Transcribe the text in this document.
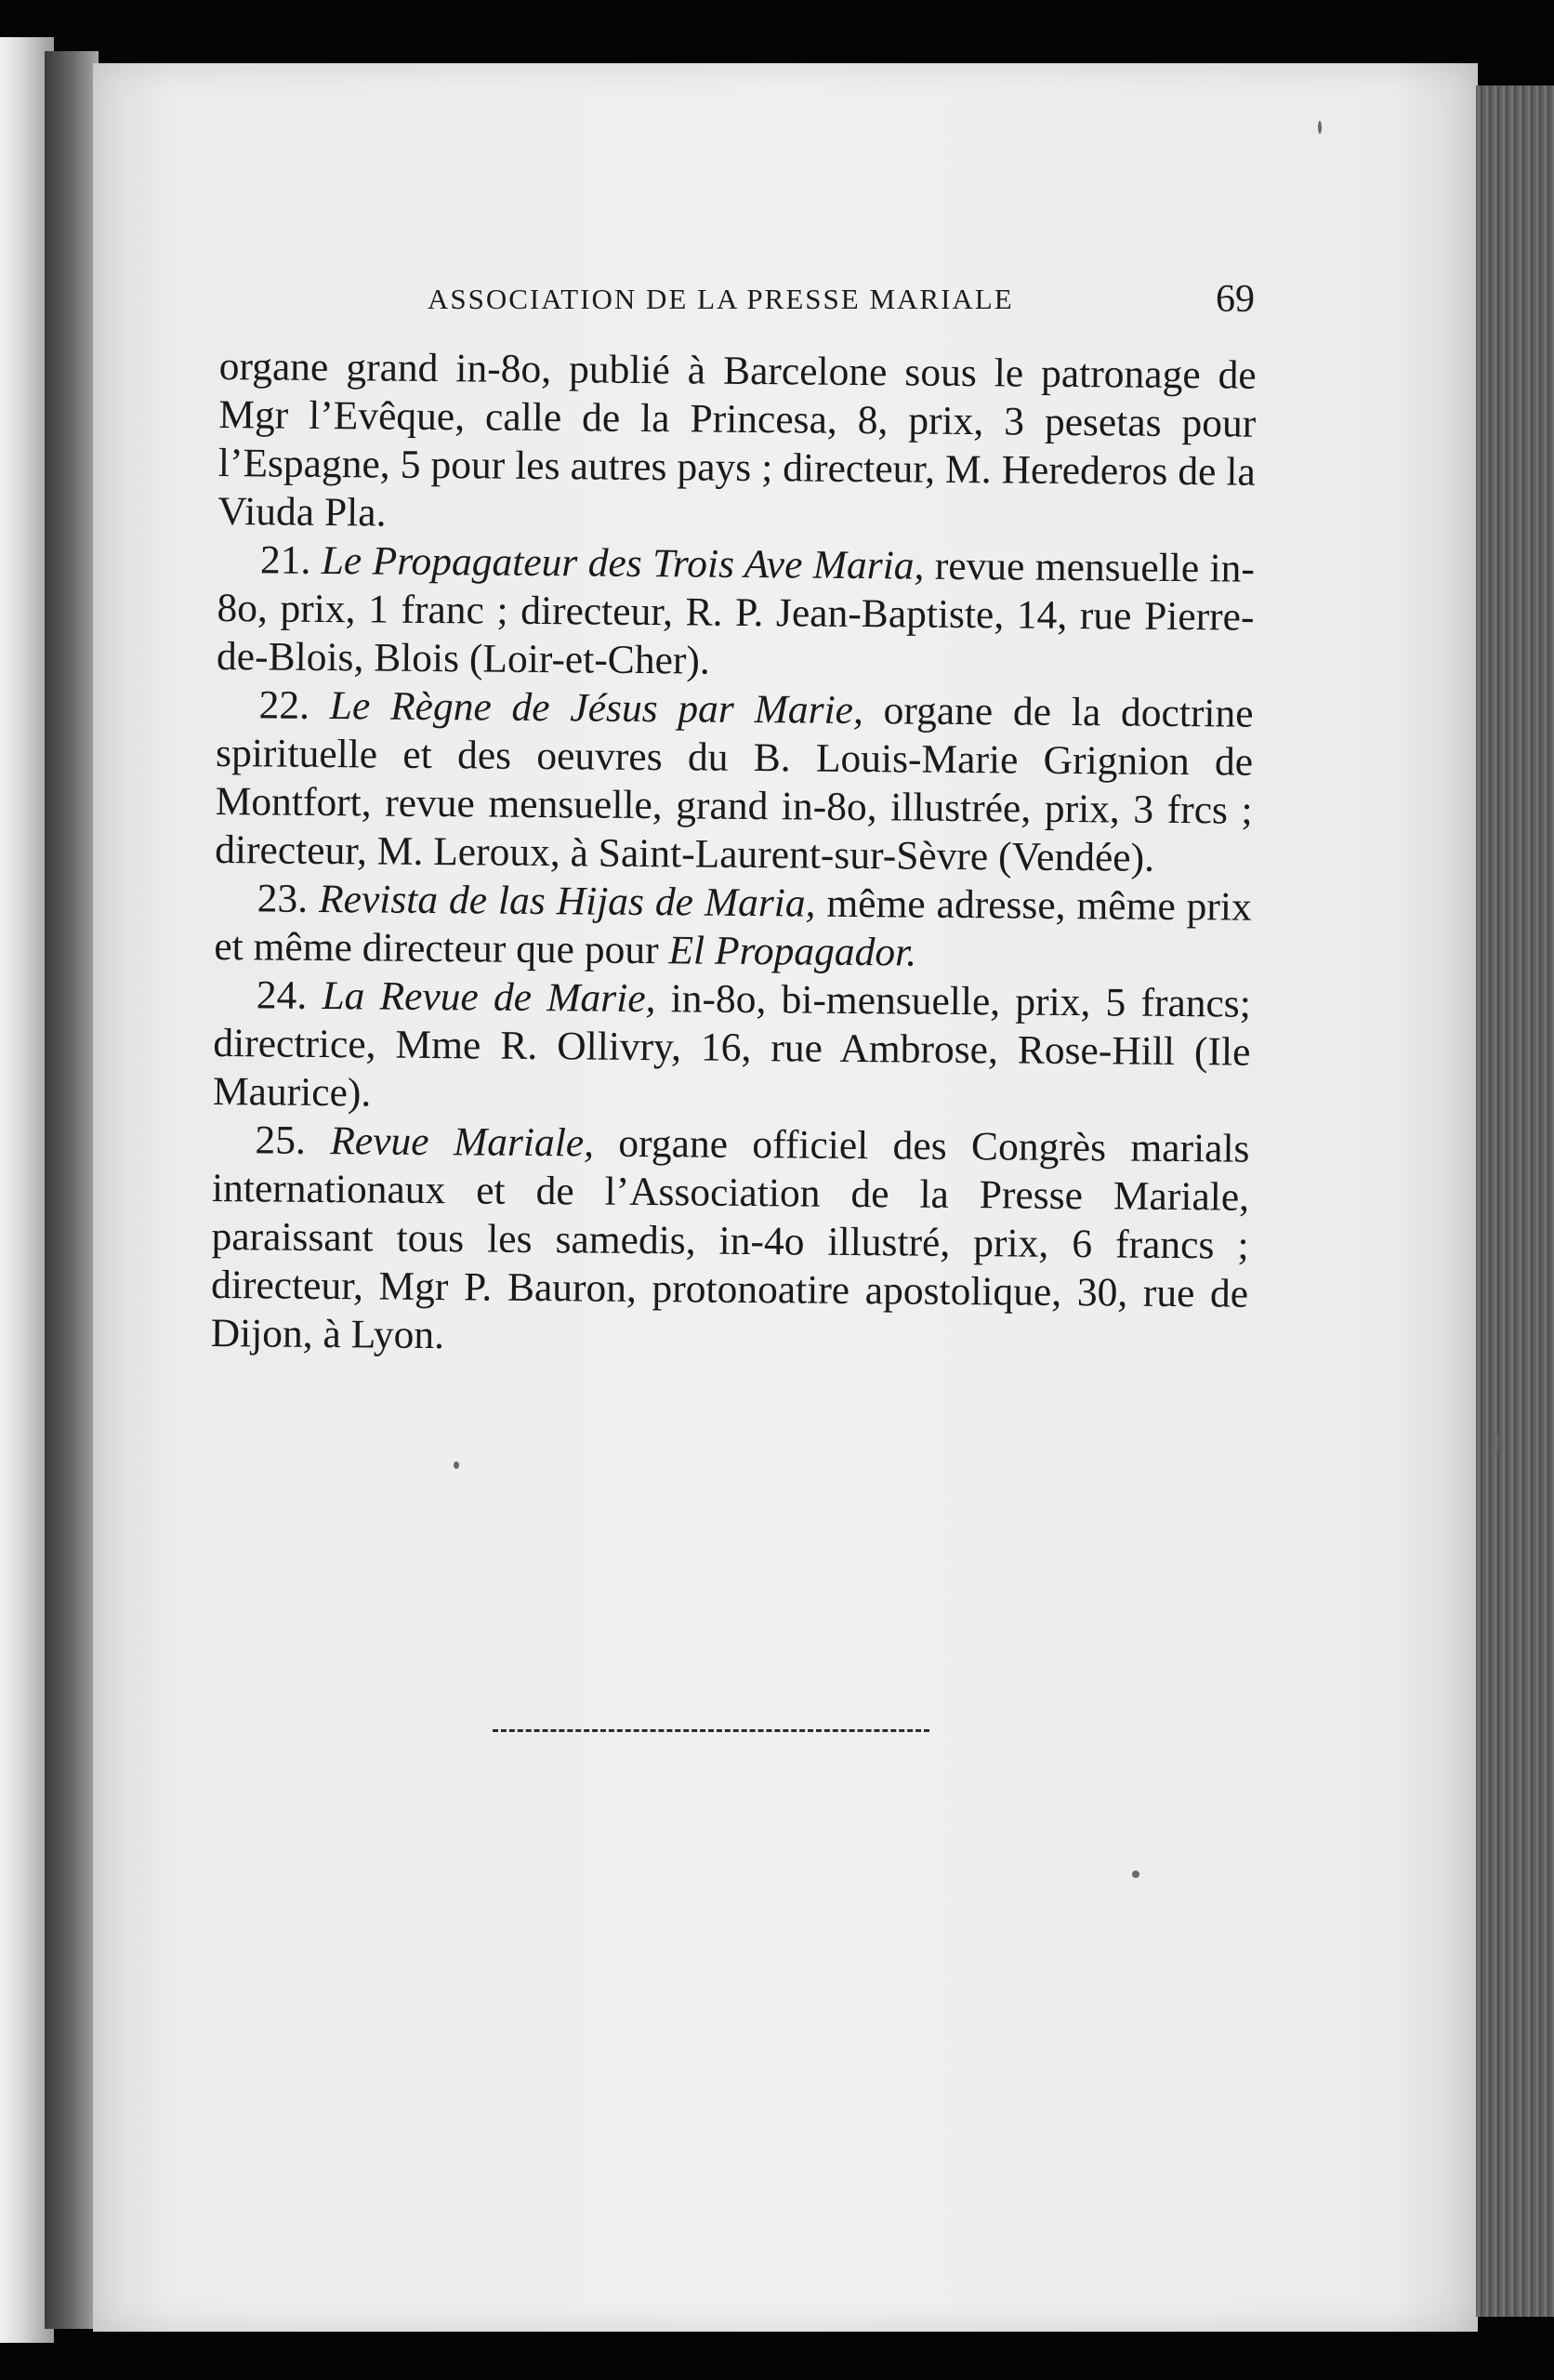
ASSOCIATION DE LA PRESSE MARIALE	69

organe grand in-8o, publié à Barcelone sous le patronage de Mgr l’Evêque, calle de la Princesa, 8, prix, 3 pesetas pour l’Espagne, 5 pour les autres pays ; directeur, M. Herederos de la Viuda Pla.

21. Le Propagateur des Trois Ave Maria, revue mensuelle in-8o, prix, 1 franc ; directeur, R. P. Jean-Baptiste, 14, rue Pierre-de-Blois, Blois (Loir-et-Cher).

22. Le Règne de Jésus par Marie, organe de la doctrine spirituelle et des oeuvres du B. Louis-Marie Grignion de Montfort, revue mensuelle, grand in-8o, illustrée, prix, 3 frcs ; directeur, M. Leroux, à Saint-Laurent-sur-Sèvre (Vendée).

23. Revista de las Hijas de Maria, même adresse, même prix et même directeur que pour El Propagador.

24. La Revue de Marie, in-8o, bi-mensuelle, prix, 5 francs; directrice, Mme R. Ollivry, 16, rue Ambrose, Rose-Hill (Ile Maurice).

25. Revue Mariale, organe officiel des Congrès marials internationaux et de l’Association de la Presse Mariale, paraissant tous les samedis, in-4o illustré, prix, 6 francs ; directeur, Mgr P. Bauron, protonoatire apostolique, 30, rue de Dijon, à Lyon.
